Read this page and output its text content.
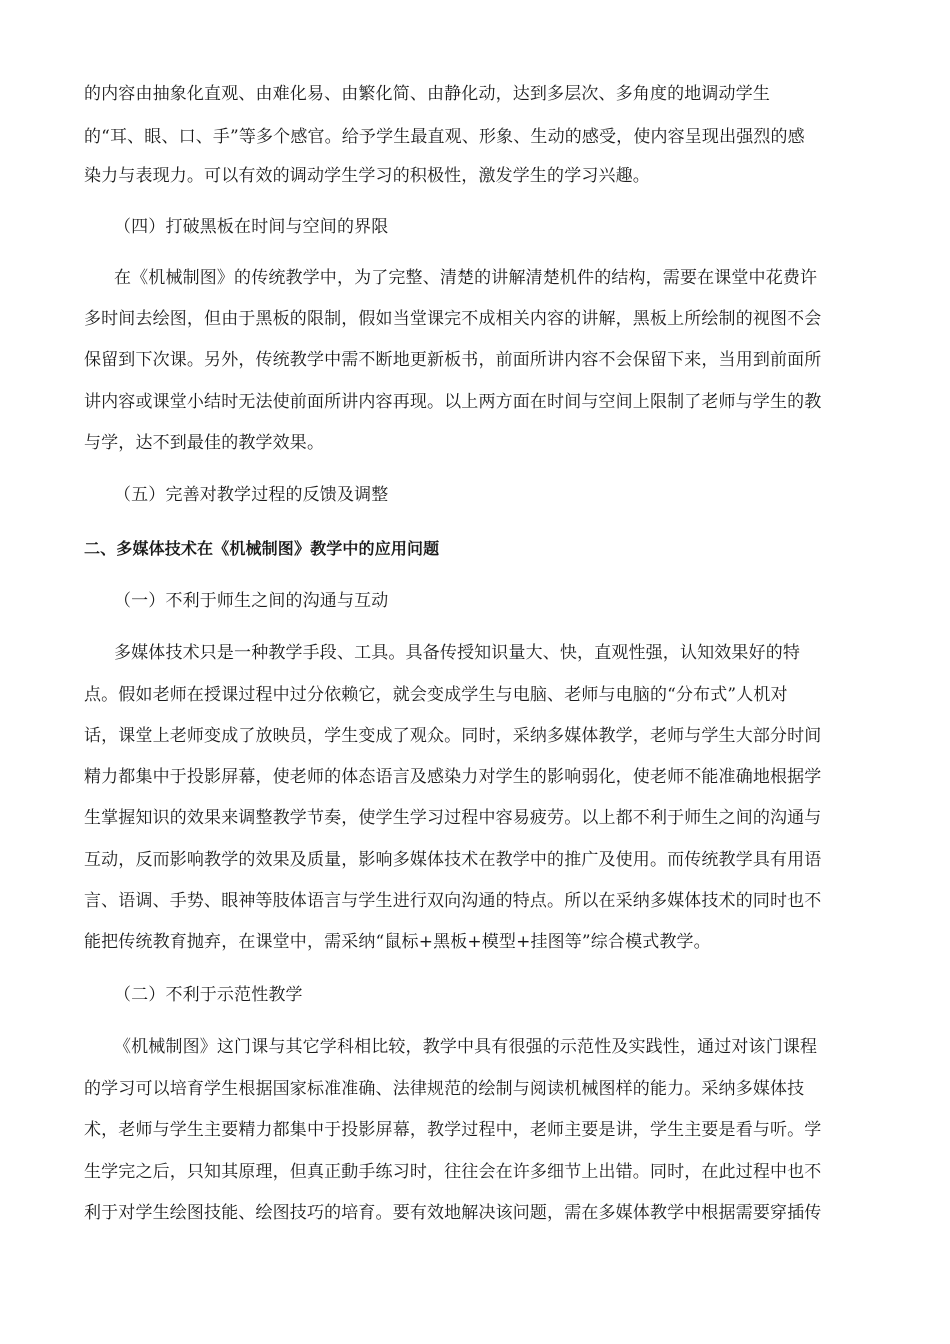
的内容由抽象化直观、由难化易、由繁化简、由静化动，达到多层次、多角度的地调动学生
的“耳、眼、口、手”等多个感官。给予学生最直观、形象、生动的感受，使内容呈现出强烈的感
染力与表现力。可以有效的调动学生学习的积极性，激发学生的学习兴趣。
（四）打破黑板在时间与空间的界限
在《机械制图》的传统教学中，为了完整、清楚的讲解清楚机件的结构，需要在课堂中花费许
多时间去绘图，但由于黑板的限制，假如当堂课完不成相关内容的讲解，黑板上所绘制的视图不会
保留到下次课。另外，传统教学中需不断地更新板书，前面所讲内容不会保留下来，当用到前面所
讲内容或课堂小结时无法使前面所讲内容再现。以上两方面在时间与空间上限制了老师与学生的教
与学，达不到最佳的教学效果。
（五）完善对教学过程的反馈及调整
二、多媒体技术在《机械制图》教学中的应用问题
（一）不利于师生之间的沟通与互动
多媒体技术只是一种教学手段、工具。具备传授知识量大、快，直观性强，认知效果好的特
点。假如老师在授课过程中过分依赖它，就会变成学生与电脑、老师与电脑的“分布式”人机对
话，课堂上老师变成了放映员，学生变成了观众。同时，采纳多媒体教学，老师与学生大部分时间
精力都集中于投影屏幕，使老师的体态语言及感染力对学生的影响弱化，使老师不能准确地根据学
生掌握知识的效果来调整教学节奏，使学生学习过程中容易疲劳。以上都不利于师生之间的沟通与
互动，反而影响教学的效果及质量，影响多媒体技术在教学中的推广及使用。而传统教学具有用语
言、语调、手势、眼神等肢体语言与学生进行双向沟通的特点。所以在采纳多媒体技术的同时也不
能把传统教育抛弃，在课堂中，需采纳“鼠标+黑板+模型+挂图等”综合模式教学。
（二）不利于示范性教学
《机械制图》这门课与其它学科相比较，教学中具有很强的示范性及实践性，通过对该门课程
的学习可以培育学生根据国家标准准确、法律规范的绘制与阅读机械图样的能力。采纳多媒体技
术，老师与学生主要精力都集中于投影屏幕，教学过程中，老师主要是讲，学生主要是看与听。学
生学完之后，只知其原理，但真正動手练习时，往往会在许多细节上出错。同时，在此过程中也不
利于对学生绘图技能、绘图技巧的培育。要有效地解决该问题，需在多媒体教学中根据需要穿插传
